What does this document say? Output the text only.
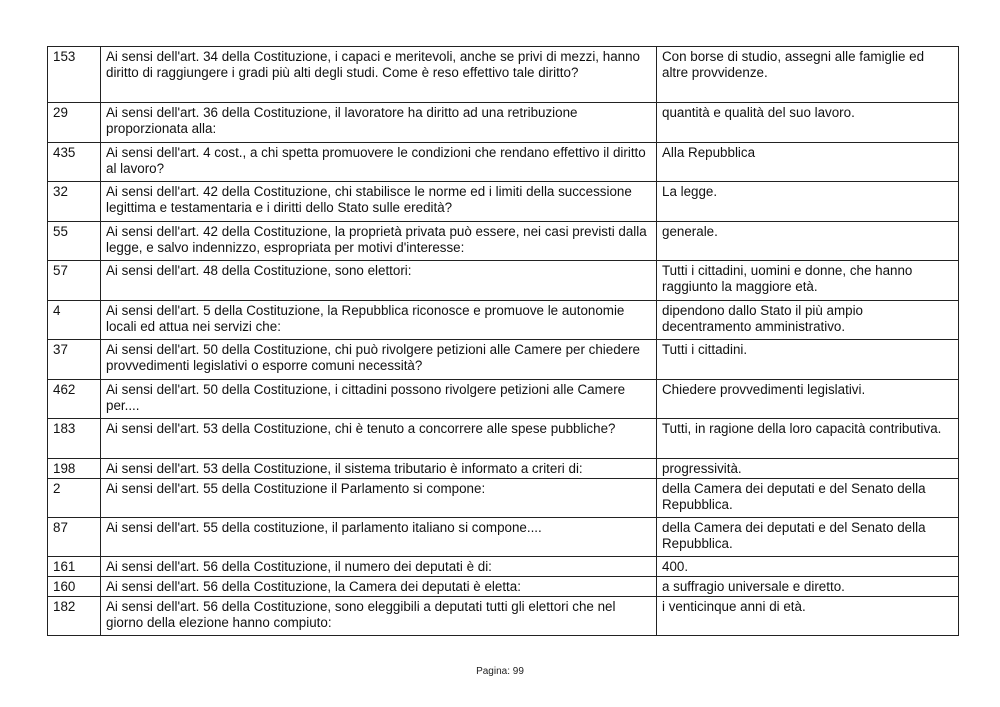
153	Ai sensi dell'art. 34 della Costituzione, i capaci e meritevoli, anche se privi di mezzi, hanno diritto di raggiungere i gradi più alti degli studi. Come è reso effettivo tale diritto?	Con borse di studio, assegni alle famiglie ed altre provvidenze.
29	Ai sensi dell'art. 36 della Costituzione, il lavoratore ha diritto ad una retribuzione proporzionata alla:	quantità e qualità del suo lavoro.
435	Ai sensi dell'art. 4 cost., a chi spetta promuovere le condizioni che rendano effettivo il diritto al lavoro?	Alla Repubblica
32	Ai sensi dell'art. 42 della Costituzione, chi stabilisce le norme ed i limiti della successione legittima e testamentaria e i diritti dello Stato sulle eredità?	La legge.
55	Ai sensi dell'art. 42 della Costituzione, la proprietà privata può essere, nei casi previsti dalla legge, e salvo indennizzo, espropriata per motivi d'interesse:	generale.
57	Ai sensi dell'art. 48 della Costituzione, sono elettori:	Tutti i cittadini, uomini e donne, che hanno raggiunto la maggiore età.
4	Ai sensi dell'art. 5 della Costituzione, la Repubblica riconosce e promuove le autonomie locali ed attua nei servizi che:	dipendono dallo Stato il più ampio decentramento amministrativo.
37	Ai sensi dell'art. 50 della Costituzione, chi può rivolgere petizioni alle Camere per chiedere provvedimenti legislativi o esporre comuni necessità?	Tutti i cittadini.
462	Ai sensi dell'art. 50 della Costituzione, i cittadini possono rivolgere petizioni alle Camere per....	Chiedere provvedimenti legislativi.
183	Ai sensi dell'art. 53 della Costituzione, chi è tenuto a concorrere alle spese pubbliche?	Tutti, in ragione della loro capacità contributiva.
198	Ai sensi dell'art. 53 della Costituzione, il sistema tributario è informato a criteri di:	progressività.
2	Ai sensi dell'art. 55 della Costituzione il Parlamento si compone:	della Camera dei deputati e del Senato della Repubblica.
87	Ai sensi dell'art. 55 della costituzione, il parlamento italiano si compone....	della Camera dei deputati e del Senato della Repubblica.
161	Ai sensi dell'art. 56 della Costituzione, il numero dei deputati è di:	400.
160	Ai sensi dell'art. 56 della Costituzione, la Camera dei deputati è eletta:	a suffragio universale e diretto.
182	Ai sensi dell'art. 56 della Costituzione, sono eleggibili a deputati tutti gli elettori che nel giorno della elezione hanno compiuto:	i venticinque anni di età.
Pagina: 99
